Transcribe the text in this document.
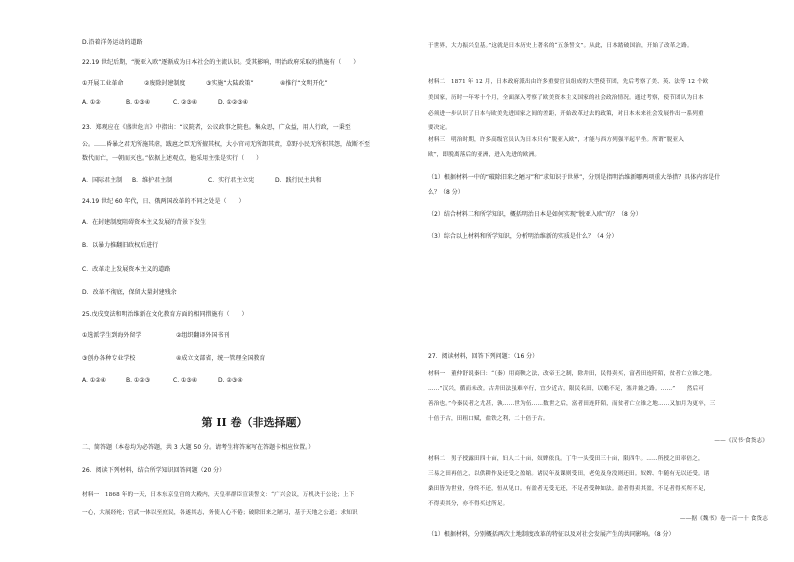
D.沿着洋务运动的道路
22.19 世纪后期，“脱亚入欧”逐渐成为日本社会的主流认识。受其影响，明治政府采取的措施有（　　）
①开展工业革命	②废除封建制度	③实施“大陆政策”	④推行“文明开化”
A. ①②	B. ①③④	C. ②③④	D. ①②③④
23．郑观应在《盛世危言》中指出：“议院者，公议政事之院也。集众思，广众益，用人行政，一秉至
公。……昏暴之君无所施其虐，跋扈之臣无所擅其权，大小官司无所卸其责，草野小民无所积其怨，故断不至
数代而亡，一朝而灭也。”依据上述观点，他采用主张是实行（　　）
A．国际君主制 B．维护君主制	C．实行君主立宪	D．践行民主共和
24.19 世纪 60 年代，日、俄两国改革的不同之处是（　　）
A．在封建制度阻碍资本主义发展的背景下发生
B．以暴力推翻旧政权后进行
C．改革走上发展资本主义的道路
D．改革不彻底，保留大量封建残余
25.戊戌变法和明治维新在文化教育方面的相同措施有（　　）
①选派学生到海外留学	②组织翻译外国书刊
③创办各种专业学校	④成立文部省，统一管理全国教育
A. ①②④	B. ①②③	C. ①③④	D. ②③④
第 II 卷（非选择题）
二、简答题（本卷均为必答题，共 3 大题 50 分。请考生将答案写在答题卡相应位置。）
26．阅读下列材料，结合所学知识回答问题（20 分）
材料一　1868 年的一天，日本东京皇宫的大殿内，天皇率群臣宣读誓文：“广兴会议，万机决于公论；上下
一心，大展经纶；官武一体以至庶民，各遂其志，务使人心不倦；破除旧来之陋习，基于天地之公道；求知识
于世界，大力振兴皇基。”这就是日本历史上著名的“五条誓文”。从此，日本踏破国治，开始了改革之路。
材料二　1871 年 12 月，日本政府派出由许多重要官员组成的大型使节团，先后考察了美、英、法等 12 个欧
美国家，历时一年零十个月，全面深入考察了欧美资本主义国家的社会政治情况。通过考察，使节团认为日本
必须进一步认识了日本与欧美先进国家之间的差距，开始改革过去的政策，对日本未来社会发展作出一系列重
要决定。
材料三　明治时期，许多高级官员认为日本只有“脱亚入欧”，才能与西方列强平起平坐。所谓“脱亚入
欧”，即脱离落后的亚洲，进入先进的欧洲。
（1）根据材料一中的“破除旧来之陋习”和“求知识于世界”，分别是指明治维新哪两项重大举措？具体内容是什
么？（8 分）
（2）结合材料二和所学知识，概括明治日本是如何实现“脱亚入欧”的？（8 分）
（3）综合以上材料和所学知识，分析明治维新的实质是什么？（4 分）
27．阅读材料，回答下列问题：（16 分）
材料一　董仲舒说秦曰：“（秦）用商鞅之法，改帝王之制，除井田，民得卖买，富者田连阡陌，贫者亡立锥之地。
……”汉兴，循而未改。古井田法虽难卒行，宜少近古，限民名田，以赡不足，塞并兼之路。……”　　然后可
善治也。”今秦民者之尤甚，孰……世为伍……数世之后，富者田连阡陌，而贫者亡立锥之地……又加月为更卒，三
十倍于古，田租口赋，盐铁之利，二十倍于古。
——《汉书·食货志》
材料二　男子授露田四十亩，妇人二十亩，奴婢依良。丁牛一头受田三十亩，限四牛。……所授之田率倍之，
三易之田再倍之，以供耕作及还受之盈缩。诸民年及课则受田，老免及身没则还田。奴婢、牛随有无以还受。诸
桑田皆为世业，身终不还，恒从见口。有盈者无受无还，不足者受种如法。盈者得卖其盈，不足者得买所不足，
不得卖其分，亦不得买过所足。
——据《魏书》卷一百一十 食货志
（1）根据材料，分别概括两次土地制度改革的特征以及对社会发展产生的共同影响。（8 分）
